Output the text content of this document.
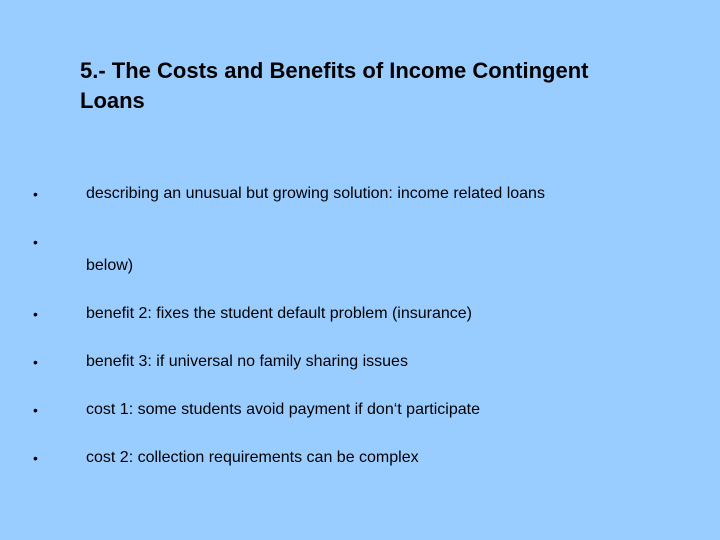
5.- The Costs and Benefits of Income Contingent
Loans
•	describing an unusual but growing solution: income related loans
•
below)
•	benefit 2: fixes the student default problem (insurance)
•	benefit 3: if universal no family sharing issues
•	cost 1: some students avoid payment if don‘t participate
•	cost 2: collection requirements can be complex
